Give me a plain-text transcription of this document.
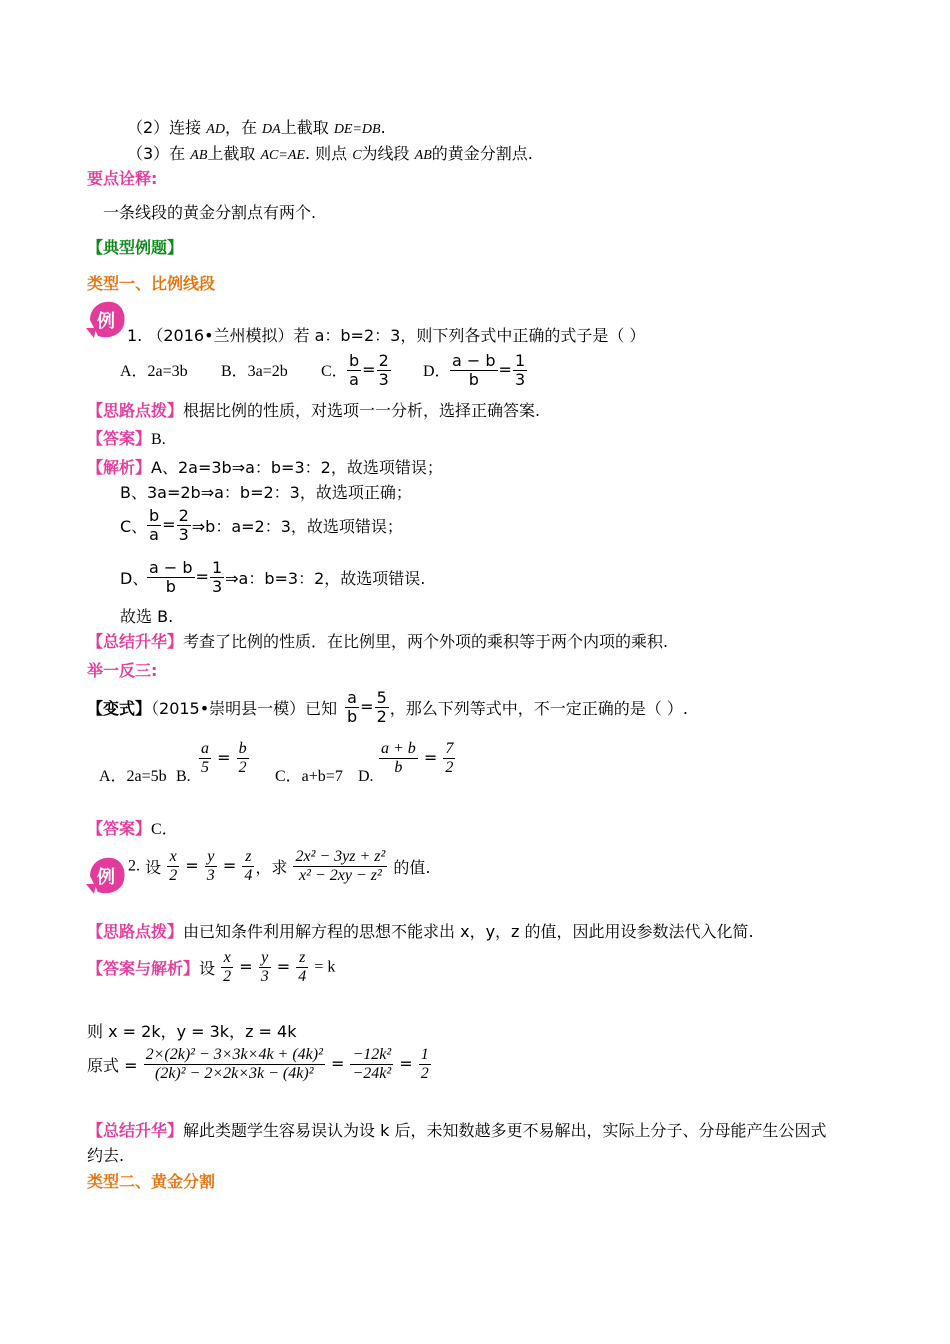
（2）连接 AD，在 DA上截取 DE=DB.
（3）在 AB上截取 AC=AE. 则点 C为线段 AB的黄金分割点.
要点诠释:
一条线段的黄金分割点有两个.
【典型例题】
类型一、比例线段
例
1. （2016•兰州模拟）若 a：b=2：3，则下列各式中正确的式子是（ ）
A．2a=3b B．3a=2b C． $\frac{b}{a} = \frac{2}{3}$ D． $\frac{a - b}{b} = \frac{1}{3}$
【思路点拨】根据比例的性质，对选项一一分析，选择正确答案.
【答案】B.
【解析】A、2a=3b⇒a：b=3：2，故选项错误；
B、3a=2b⇒a：b=2：3，故选项正确；
C、 $\frac{b}{a} = \frac{2}{3}$ ⇒b：a=2：3，故选项错误；
D、
$\frac{a - b}{b} = \frac{1}{3}$ ⇒a：b=3：2，故选项错误.
故选 B.
【总结升华】考查了比例的性质．在比例里，两个外项的乘积等于两个内项的乘积.
举一反三:
【变式】（2015•崇明县一模）已知 $\frac{a}{b} = \frac{5}{2}$ ，那么下列等式中，不一定正确的是（ ）.
A．2a=5b B. $\frac{a}{5} = \frac{b}{2}$ C．a+b=7 D. $\frac{a + b}{b} = \frac{7}{2}$
【答案】C．
例
2. 设 $\frac{x}{2} = \frac{y}{3} = \frac{z}{4}$ ，求 $\frac{\text{2x² − 3yz + z²}}{\text{x² − 2xy − z²}}$ 的值.
【思路点拨】由已知条件利用解方程的思想不能求出 x，y，z 的值，因此用设参数法代入化简.
【答案与解析】设 $\frac{x}{2} = \frac{y}{3} = \frac{z}{4} = k$
则 x = 2k，y = 3k，z = 4k
原式 = $\frac{\text{2×(2k)² − 3×3k×4k + (4k)²}}{\text{(2k)² − 2×2k×3k − (4k)²}} = \frac{\text{−12k²}}{\text{−24k²}} = \frac{1}{2}$
【总结升华】解此类题学生容易误认为设 k 后，未知数越多更不易解出，实际上分子、分母能产生公因式
约去.
类型二、黄金分割
